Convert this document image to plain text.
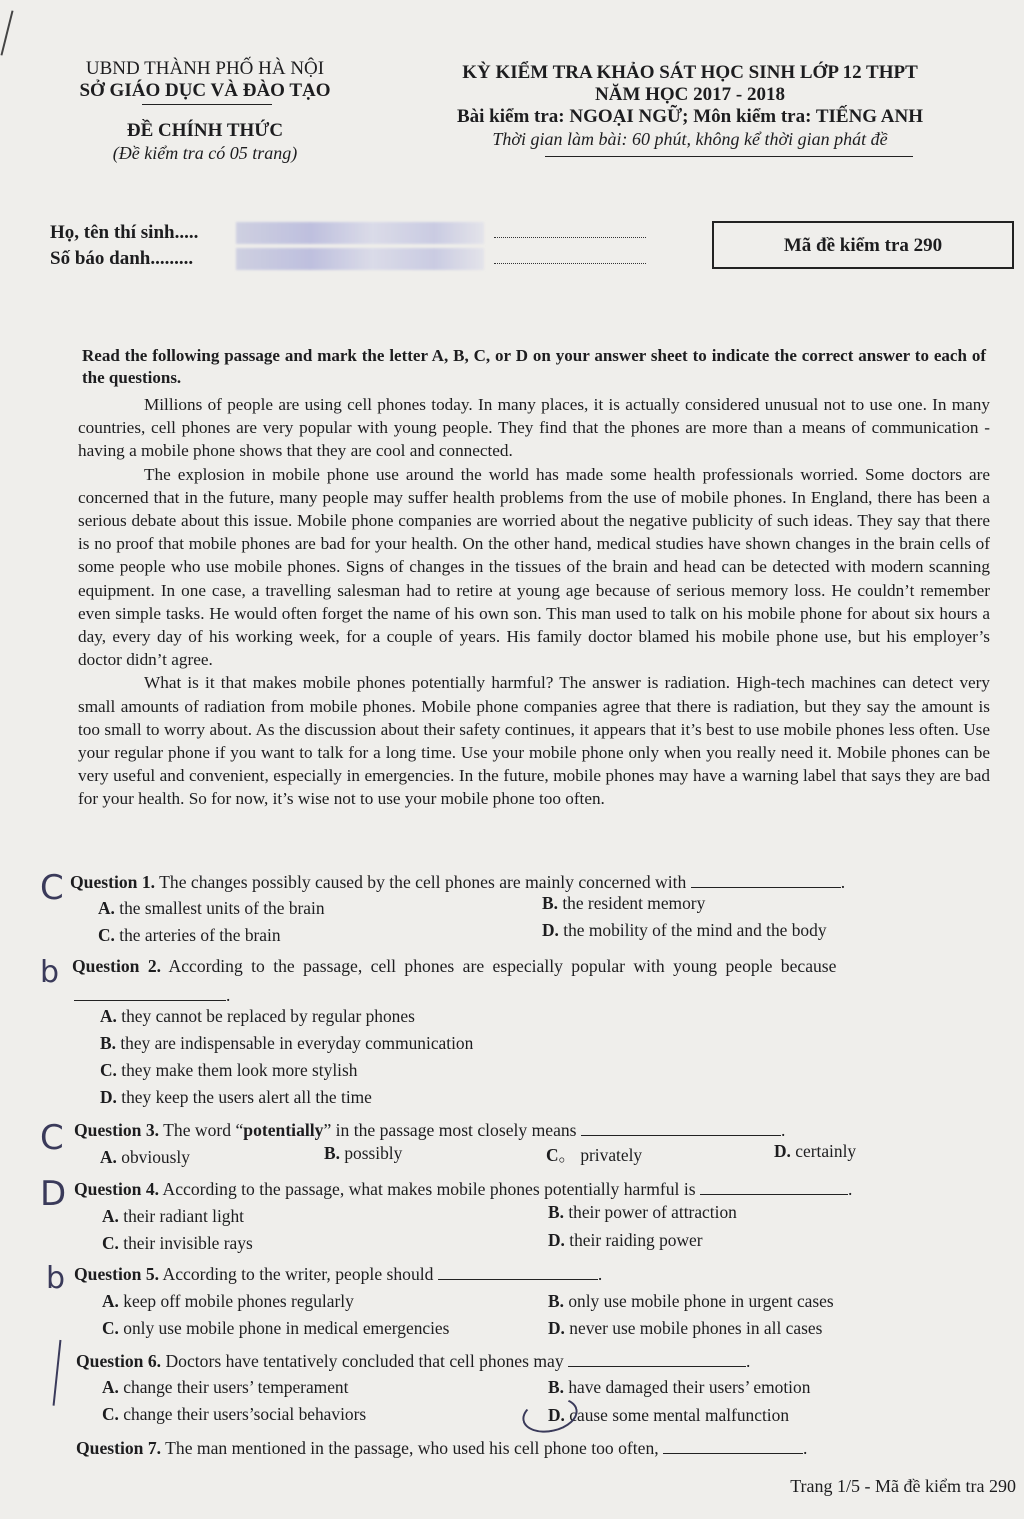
UBND THÀNH PHỐ HÀ NỘI
SỞ GIÁO DỤC VÀ ĐÀO TẠO
ĐỀ CHÍNH THỨC
(Đề kiểm tra có 05 trang)
KỲ KIỂM TRA KHẢO SÁT HỌC SINH LỚP 12 THPT
NĂM HỌC 2017 - 2018
Bài kiểm tra: NGOẠI NGỮ; Môn kiểm tra: TIẾNG ANH
Thời gian làm bài: 60 phút, không kể thời gian phát đề
Họ, tên thí sinh.....
Số báo danh.........
Mã đề kiểm tra 290
Read the following passage and mark the letter A, B, C, or D on your answer sheet to indicate the correct answer to each of the questions.

Millions of people are using cell phones today. In many places, it is actually considered unusual not to use one. In many countries, cell phones are very popular with young people. They find that the phones are more than a means of communication - having a mobile phone shows that they are cool and connected.

The explosion in mobile phone use around the world has made some health professionals worried. Some doctors are concerned that in the future, many people may suffer health problems from the use of mobile phones. In England, there has been a serious debate about this issue. Mobile phone companies are worried about the negative publicity of such ideas. They say that there is no proof that mobile phones are bad for your health. On the other hand, medical studies have shown changes in the brain cells of some people who use mobile phones. Signs of changes in the tissues of the brain and head can be detected with modern scanning equipment. In one case, a travelling salesman had to retire at young age because of serious memory loss. He couldn’t remember even simple tasks. He would often forget the name of his own son. This man used to talk on his mobile phone for about six hours a day, every day of his working week, for a couple of years. His family doctor blamed his mobile phone use, but his employer’s doctor didn’t agree.

What is it that makes mobile phones potentially harmful? The answer is radiation. High-tech machines can detect very small amounts of radiation from mobile phones. Mobile phone companies agree that there is radiation, but they say the amount is too small to worry about. As the discussion about their safety continues, it appears that it’s best to use mobile phones less often. Use your regular phone if you want to talk for a long time. Use your mobile phone only when you really need it. Mobile phones can be very useful and convenient, especially in emergencies. In the future, mobile phones may have a warning label that says they are bad for your health. So for now, it’s wise not to use your mobile phone too often.

C Question 1. The changes possibly caused by the cell phones are mainly concerned with	.
A. the smallest units of the brain	B. the resident memory
C. the arteries of the brain	D. the mobility of the mind and the body
b Question 2. According to the passage, cell phones are especially popular with young people because
.
A. they cannot be replaced by regular phones
B. they are indispensable in everyday communication
C. they make them look more stylish
D. they keep the users alert all the time
C Question 3. The word “potentially” in the passage most closely means	.
A. obviously	B. possibly	C。 privately	D. certainly
D Question 4. According to the passage, what makes mobile phones potentially harmful is	.
A. their radiant light	B. their power of attraction
C. their invisible rays	D. their raiding power
b Question 5. According to the writer, people should	.
A. keep off mobile phones regularly	B. only use mobile phone in urgent cases
C. only use mobile phone in medical emergencies	D. never use mobile phones in all cases
Question 6. Doctors have tentatively concluded that cell phones may	.
A. change their users’ temperament	B. have damaged their users’ emotion
C. change their users’social behaviors	D. cause some mental malfunction
Question 7. The man mentioned in the passage, who used his cell phone too often,	.
Trang 1/5 - Mã đề kiểm tra 290
